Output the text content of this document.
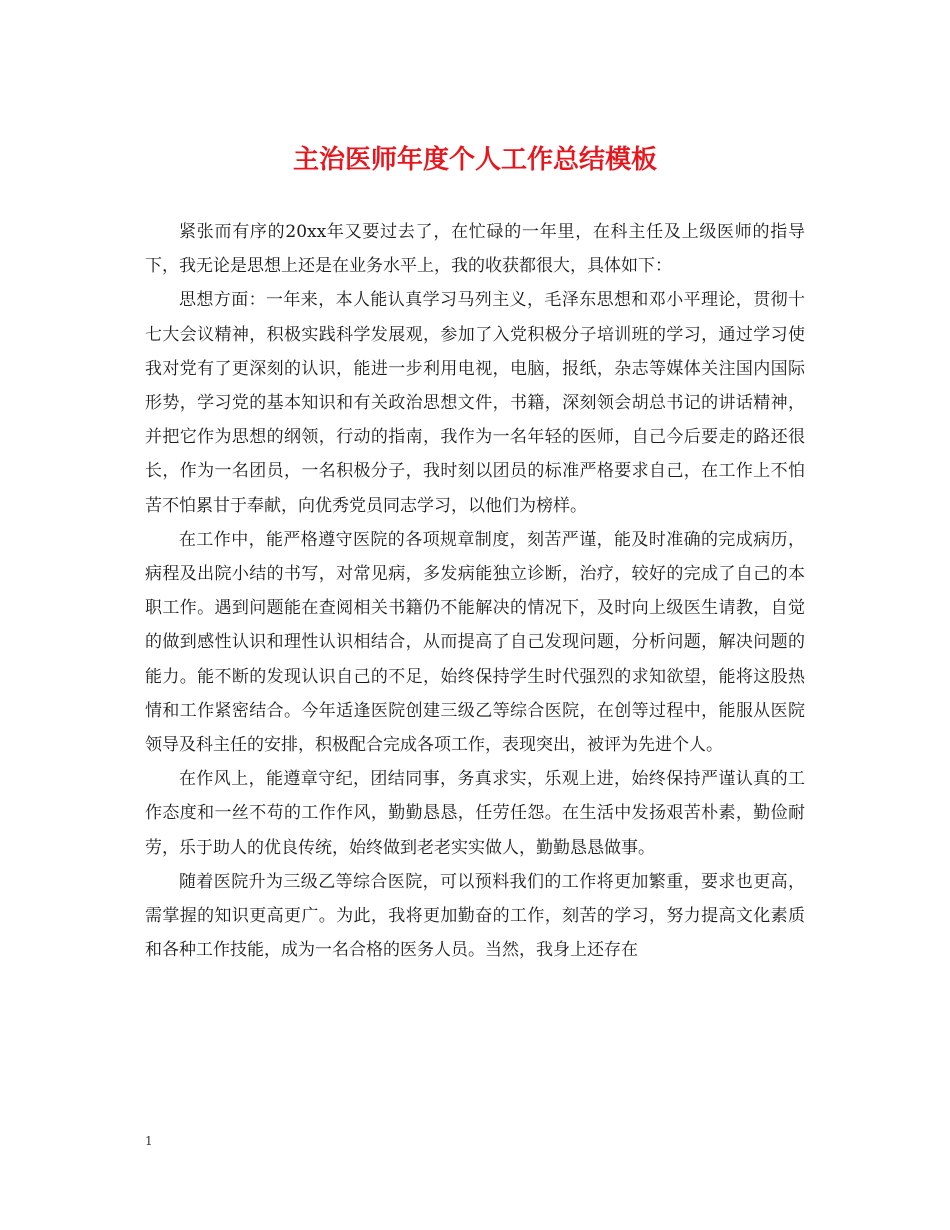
主治医师年度个人工作总结模板

紧张而有序的20xx年又要过去了，在忙碌的一年里，在科主任及上级医师的指导下，我无论是思想上还是在业务水平上，我的收获都很大，具体如下：

思想方面：一年来，本人能认真学习马列主义，毛泽东思想和邓小平理论，贯彻十七大会议精神，积极实践科学发展观，参加了入党积极分子培训班的学习，通过学习使我对党有了更深刻的认识，能进一步利用电视，电脑，报纸，杂志等媒体关注国内国际形势，学习党的基本知识和有关政治思想文件，书籍，深刻领会胡总书记的讲话精神，并把它作为思想的纲领，行动的指南，我作为一名年轻的医师，自己今后要走的路还很长，作为一名团员，一名积极分子，我时刻以团员的标准严格要求自己，在工作上不怕苦不怕累甘于奉献，向优秀党员同志学习，以他们为榜样。

在工作中，能严格遵守医院的各项规章制度，刻苦严谨，能及时准确的完成病历，病程及出院小结的书写，对常见病，多发病能独立诊断，治疗，较好的完成了自己的本职工作。遇到问题能在查阅相关书籍仍不能解决的情况下，及时向上级医生请教，自觉的做到感性认识和理性认识相结合，从而提高了自己发现问题，分析问题，解决问题的能力。能不断的发现认识自己的不足，始终保持学生时代强烈的求知欲望，能将这股热情和工作紧密结合。今年适逢医院创建三级乙等综合医院，在创等过程中，能服从医院领导及科主任的安排，积极配合完成各项工作，表现突出，被评为先进个人。

在作风上，能遵章守纪，团结同事，务真求实，乐观上进，始终保持严谨认真的工作态度和一丝不苟的工作作风，勤勤恳恳，任劳任怨。在生活中发扬艰苦朴素，勤俭耐劳，乐于助人的优良传统，始终做到老老实实做人，勤勤恳恳做事。

随着医院升为三级乙等综合医院，可以预料我们的工作将更加繁重，要求也更高，需掌握的知识更高更广。为此，我将更加勤奋的工作，刻苦的学习，努力提高文化素质和各种工作技能，成为一名合格的医务人员。当然，我身上还存在

1
